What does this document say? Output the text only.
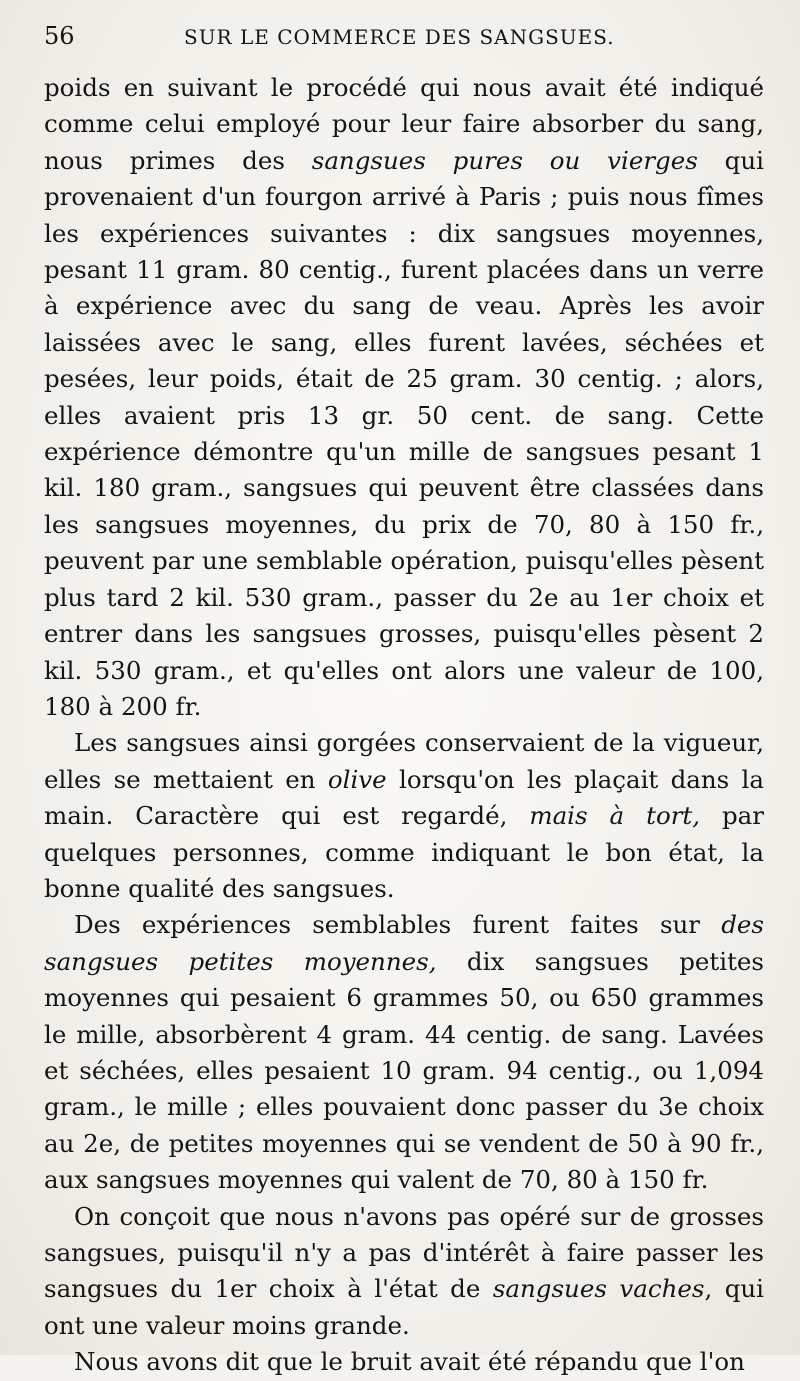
56	SUR LE COMMERCE DES SANGSUES.

poids en suivant le procédé qui nous avait été indiqué comme celui employé pour leur faire absorber du sang, nous primes des sangsues pures ou vierges qui provenaient d'un fourgon arrivé à Paris ; puis nous fîmes les expériences suivantes : dix sangsues moyennes, pesant 11 gram. 80 centig., furent placées dans un verre à expérience avec du sang de veau. Après les avoir laissées avec le sang, elles furent lavées, séchées et pesées, leur poids, était de 25 gram. 30 centig. ; alors, elles avaient pris 13 gr. 50 cent. de sang. Cette expérience démontre qu'un mille de sangsues pesant 1 kil. 180 gram., sangsues qui peuvent être classées dans les sangsues moyennes, du prix de 70, 80 à 150 fr., peuvent par une semblable opération, puisqu'elles pèsent plus tard 2 kil. 530 gram., passer du 2e au 1er choix et entrer dans les sangsues grosses, puisqu'elles pèsent 2 kil. 530 gram., et qu'elles ont alors une valeur de 100, 180 à 200 fr.

Les sangsues ainsi gorgées conservaient de la vigueur, elles se mettaient en olive lorsqu'on les plaçait dans la main. Caractère qui est regardé, mais à tort, par quelques personnes, comme indiquant le bon état, la bonne qualité des sangsues.

Des expériences semblables furent faites sur des sangsues petites moyennes, dix sangsues petites moyennes qui pesaient 6 grammes 50, ou 650 grammes le mille, absorbèrent 4 gram. 44 centig. de sang. Lavées et séchées, elles pesaient 10 gram. 94 centig., ou 1,094 gram., le mille ; elles pouvaient donc passer du 3e choix au 2e, de petites moyennes qui se vendent de 50 à 90 fr., aux sangsues moyennes qui valent de 70, 80 à 150 fr.

On conçoit que nous n'avons pas opéré sur de grosses sangsues, puisqu'il n'y a pas d'intérêt à faire passer les sangsues du 1er choix à l'état de sangsues vaches, qui ont une valeur moins grande.

Nous avons dit que le bruit avait été répandu que l'on
